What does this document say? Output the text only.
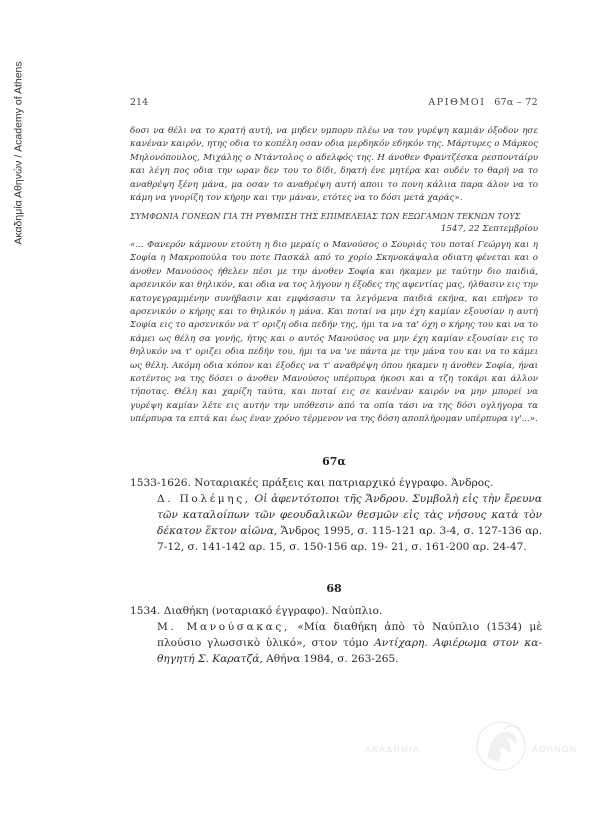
Ακαδημία Αθηνών / Academy of Athens	214	ΑΡΙΘΜΟΙ 67α – 72

δοσι να θέλι να το κρατή αυτή, να μηδεν υμπορυ πλέω να του γυρέψη καμιάν όξοδον ησε κανέναν καιρόν, ητης οδια το κοπέλη οσαν οδια μερδηκόν εδηκόν της. Μάρτυρες ο Μάρκος Μηλονόπουλος, Μιχάλης ο Ντάντολος ο αδελφός της. Η άνοθεν Φραντζέσκα ρεσποντάίρυ και λέγη πος οδια την ωραν δεν του το δίδι, δηατή ένε μητέρα και ουδέν το θαρή να το αναθρέψη ξένη μάνα, μα οσαν το αναθρέψη αυτή αποιι το πονη κάλιια παρα άλον να το κάμη να γνορίζη τον κήρην και την μάναν, ετότες να το δόσι μετά χαράς».

ΣΥΜΦΩΝΙΑ ΓΟΝΕΩΝ ΓΙΑ ΤΗ ΡΥΘΜΙΣΗ ΤΗΣ ΕΠΙΜΕΛΕΙΑΣ ΤΩΝ ΕΞΩΓΑΜΩΝ ΤΕΚΝΩΝ ΤΟΥΣ
1547, 22 Σεπτεμβρίου

«... Φανερόν κάμνουν ετούτη η διο μεραίς ο Μανούσος ο Σουριάς του ποταί Γεώργη και η Σοφία η Μακροπούλα του ποτε Πασκάλ από το χορίο Σκηνοκάψαλα οδιατη φένεται και ο άνοθεν Μανούσος ήθελεν πέσι με την άνοθεν Σοφία και ήκαμεν με ταύτην διο παιδιά, αρσενικόν και θηλικόν, και οδια να τος λήγουν η έξοδες της αφεντίας μας, ήλθασιν εις την κατογεγραμμένην συνήβασιν και εμφάσασιν τα λεγόμενα παιδιά εκήνα, και επήρεν το αρσενικόν ο κήρης και το θηλικόν η μάνα. Και ποταί να μην έχη καμίαν εξουσίαν η αυτή Σοφία εις το αρσενικόν να τ' οριζη οδια πεδήν της, ήμι τα να τα' όχη ο κήρης του και να το κάμει ως θέλη σα γονής, ήτης και ο αυτός Μανούσος να μην έχη καμίαν εξουσίαν εις το θηλυκόν να τ' οριζει οδια πεδήν του, ήμι τα να 'νε πάντα με την μάνα του και να το κάμει ως θέλη. Ακόμη οδια κόπον και έξοδες να τ' αναθρέψη όπου ήκαμεν η άνοθεν Σοφία, ήναι κοτέντος να της δόσει ο άνοθεν Μανούσος υπέρπυρα ήκοσι και α τζη τοκάρι και άλλον τήποτας. Θέλη και χαρίζη ταύτα, και ποταί εις σε κανέναν καιρόν να μην μπορεί να γυρέψη καμίαν λέτε εις αυτήν την υπόθεσιν από τα οπία τάσι να της δόσι ογλήγορα τα υπέρπυρα τα επτά και έως έναν χρόνο τέρμενον να της δόση αποπλήρομαν υπέρπυρα ιγ'...».

67α
1533-1626. Νοταριακές πράξεις και πατριαρχικό έγγραφο. Άνδρος.
Δ. Πολέμης, Οἱ ἀφεντότοποι τῆς Ἄνδρου. Συμβολὴ εἰς τὴν ἔρευνα τῶν καταλοίπων τῶν φεουδαλικῶν θεσμῶν εἰς τὰς νήσους κατὰ τὸν δέκατον ἕκτον αἰῶνα, Ἄνδρος 1995, σ. 115-121 αρ. 3-4, σ. 127-136 αρ. 7-12, σ. 141-142 αρ. 15, σ. 150-156 αρ. 19- 21, σ. 161-200 αρ. 24-47.
68
1534. Διαθήκη (νοταριακό έγγραφο). Ναύπλιο.
Μ. Μανούσακας, «Μία διαθήκη ἀπὸ τὸ Ναύπλιο (1534) μὲ πλούσιο γλωσσικὸ ὑλικό», στον τόμο Αντίχαρη. Αφιέρωμα στον καθηγητή Σ. Καρατζά, Αθήνα 1984, σ. 263-265.
ΑΚΑΔΗΜΙΑ	ΑΘΗΝΩΝ
